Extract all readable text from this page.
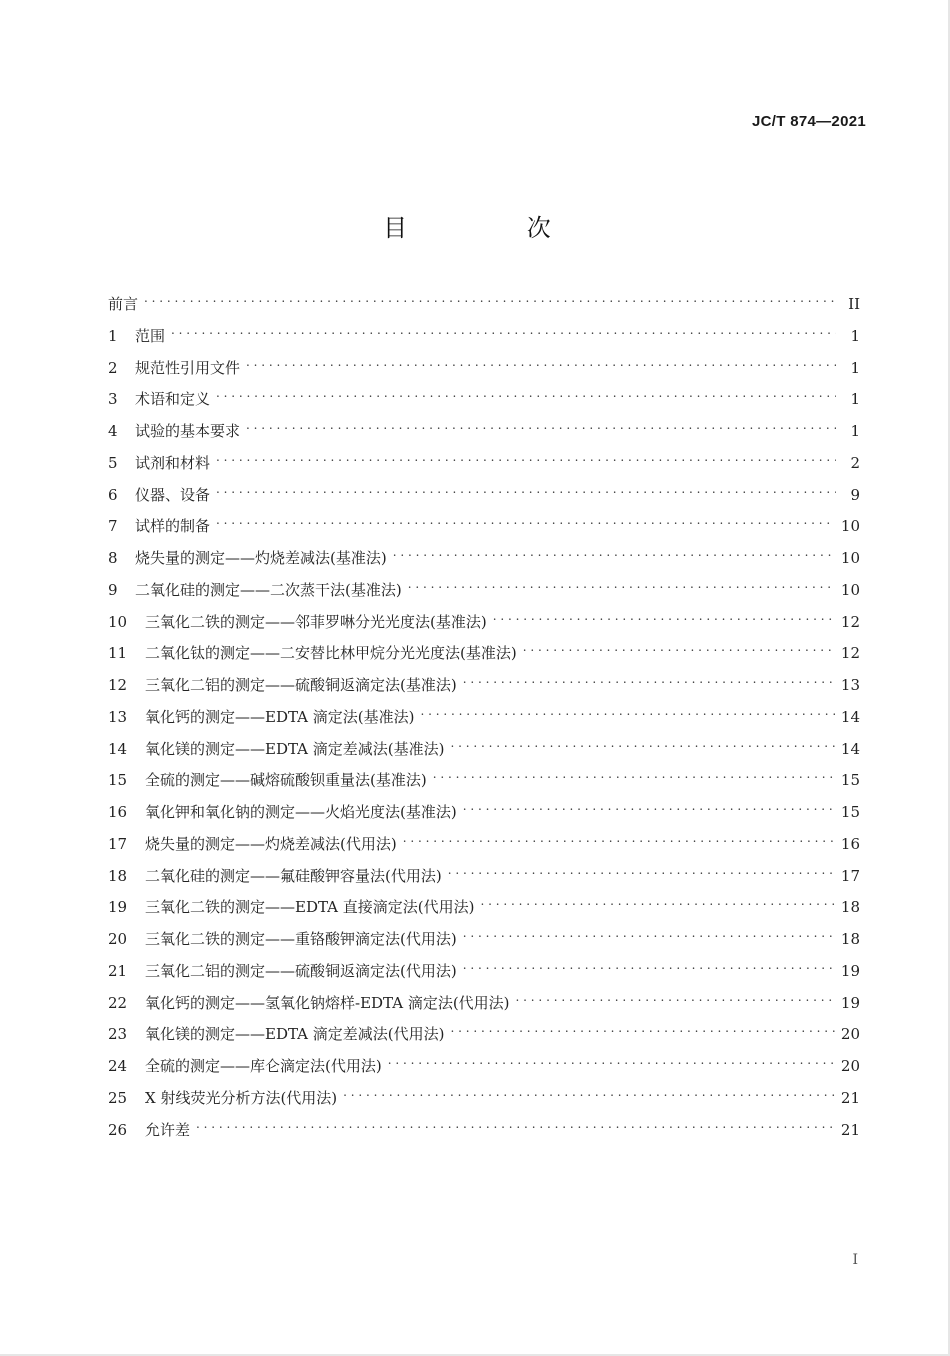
JC/T 874—2021
目 次
前言 . . .	II
1	范围 . . .	1
2	规范性引用文件 . . .	1
3	术语和定义 . . .	1
4	试验的基本要求 . . .	1
5	试剂和材料 . . .	2
6	仪器、设备 . . .	9
7	试样的制备 . . .	10
8	烧失量的测定——灼烧差减法(基准法) . . .	10
9	二氧化硅的测定——二次蒸干法(基准法) . . .	10
10	三氧化二铁的测定——邻菲罗啉分光光度法(基准法) . . .	12
11	二氧化钛的测定——二安替比林甲烷分光光度法(基准法) . . .	12
12	三氧化二铝的测定——硫酸铜返滴定法(基准法) . . .	13
13	氧化钙的测定——EDTA 滴定法(基准法) . . .	14
14	氧化镁的测定——EDTA 滴定差减法(基准法) . . .	14
15	全硫的测定——碱熔硫酸钡重量法(基准法) . . .	15
16	氧化钾和氧化钠的测定——火焰光度法(基准法) . . .	15
17	烧失量的测定——灼烧差减法(代用法) . . .	16
18	二氧化硅的测定——氟硅酸钾容量法(代用法) . . .	17
19	三氧化二铁的测定——EDTA 直接滴定法(代用法) . . .	18
20	三氧化二铁的测定——重铬酸钾滴定法(代用法) . . .	18
21	三氧化二铝的测定——硫酸铜返滴定法(代用法) . . .	19
22	氧化钙的测定——氢氧化钠熔样-EDTA 滴定法(代用法) . . .	19
23	氧化镁的测定——EDTA 滴定差减法(代用法) . . .	20
24	全硫的测定——库仑滴定法(代用法) . . .	20
25	X 射线荧光分析方法(代用法) . . .	21
26	允许差 . . .	21
I
